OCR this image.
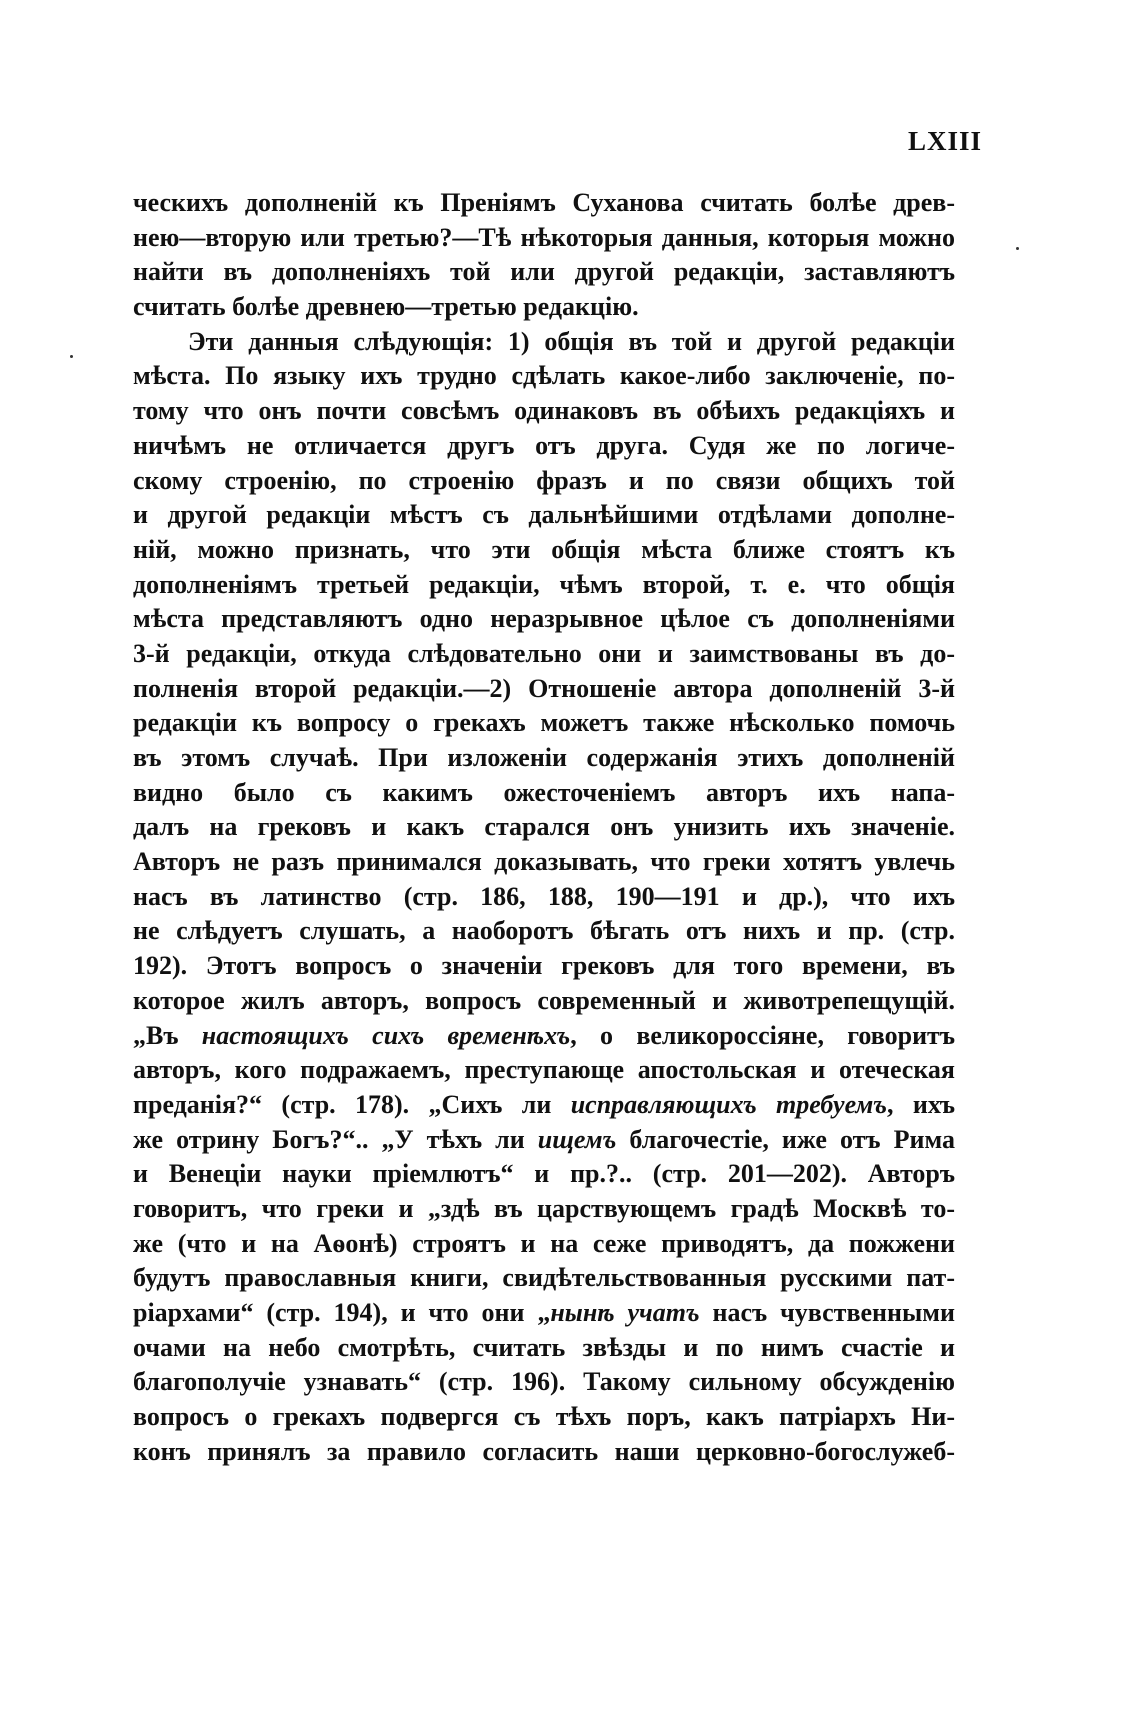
LXIII
ческихъ дополненій къ Преніямъ Суханова считать болѣе древ-
нею—вторую или третью?—Тѣ нѣкоторыя данныя, которыя можно
найти въ дополненіяхъ той или другой редакціи, заставляютъ
считать болѣе древнею—третью редакцію.
Эти данныя слѣдующія: 1) общія въ той и другой редакціи
мѣста. По языку ихъ трудно сдѣлать какое-либо заключеніе, по-
тому что онъ почти совсѣмъ одинаковъ въ обѣихъ редакціяхъ и
ничѣмъ не отличается другъ отъ друга. Судя же по логиче-
скому строенію, по строенію фразъ и по связи общихъ той
и другой редакціи мѣстъ съ дальнѣйшими отдѣлами дополне-
ній, можно признать, что эти общія мѣста ближе стоятъ къ
дополненіямъ третьей редакціи, чѣмъ второй, т. е. что общія
мѣста представляютъ одно неразрывное цѣлое съ дополненіями
3-й редакціи, откуда слѣдовательно они и заимствованы въ до-
полненія второй редакціи.—2) Отношеніе автора дополненій 3-й
редакціи къ вопросу о грекахъ можетъ также нѣсколько помочь
въ этомъ случаѣ. При изложеніи содержанія этихъ дополненій
видно было съ какимъ ожесточеніемъ авторъ ихъ напа-
далъ на грековъ и какъ старался онъ унизить ихъ значеніе.
Авторъ не разъ принимался доказывать, что греки хотятъ увлечь
насъ въ латинство (стр. 186, 188, 190—191 и др.), что ихъ
не слѣдуетъ слушать, а наоборотъ бѣгать отъ нихъ и пр. (стр.
192). Этотъ вопросъ о значеніи грековъ для того времени, въ
которое жилъ авторъ, вопросъ современный и животрепещущій.
„Въ настоящихъ сихъ временѣхъ, о великороссіяне, говоритъ
авторъ, кого подражаемъ, преступающе апостольская и отеческая
преданія?“ (стр. 178). „Сихъ ли исправляющихъ требуемъ, ихъ
же отрину Богъ?“.. „У тѣхъ ли ищемъ благочестіе, иже отъ Рима
и Венеціи науки пріемлютъ“ и пр.?.. (стр. 201—202). Авторъ
говоритъ, что греки и „здѣ въ царствующемъ градѣ Москвѣ то-
же (что и на Аѳонѣ) строятъ и на сеже приводятъ, да пожжени
будутъ православныя книги, свидѣтельствованныя русскими пат-
ріархами“ (стр. 194), и что они „нынѣ учатъ насъ чувственными
очами на небо смотрѣть, считать звѣзды и по нимъ счастіе и
благополучіе узнавать“ (стр. 196). Такому сильному обсужденію
вопросъ о грекахъ подвергся съ тѣхъ поръ, какъ патріархъ Ни-
конъ принялъ за правило согласить наши церковно-богослужеб-
